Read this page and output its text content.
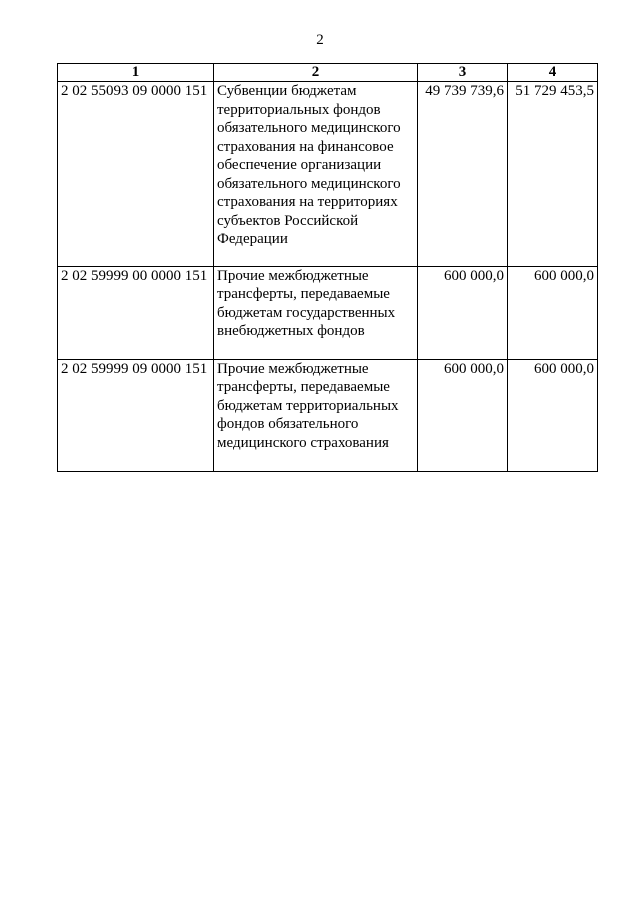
2
1	2	3	4
2 02 55093 09 0000 151	Субвенции бюджетам территориальных фондов обязательного медицинского страхования на финансовое обеспечение организации обязательного медицинского страхования на территориях субъектов Российской Федерации	49 739 739,6	51 729 453,5
2 02 59999 00 0000 151	Прочие межбюджетные трансферты, передаваемые бюджетам государственных внебюджетных фондов	600 000,0	600 000,0
2 02 59999 09 0000 151	Прочие межбюджетные трансферты, передаваемые бюджетам территориальных фондов обязательного медицинского страхования	600 000,0	600 000,0
